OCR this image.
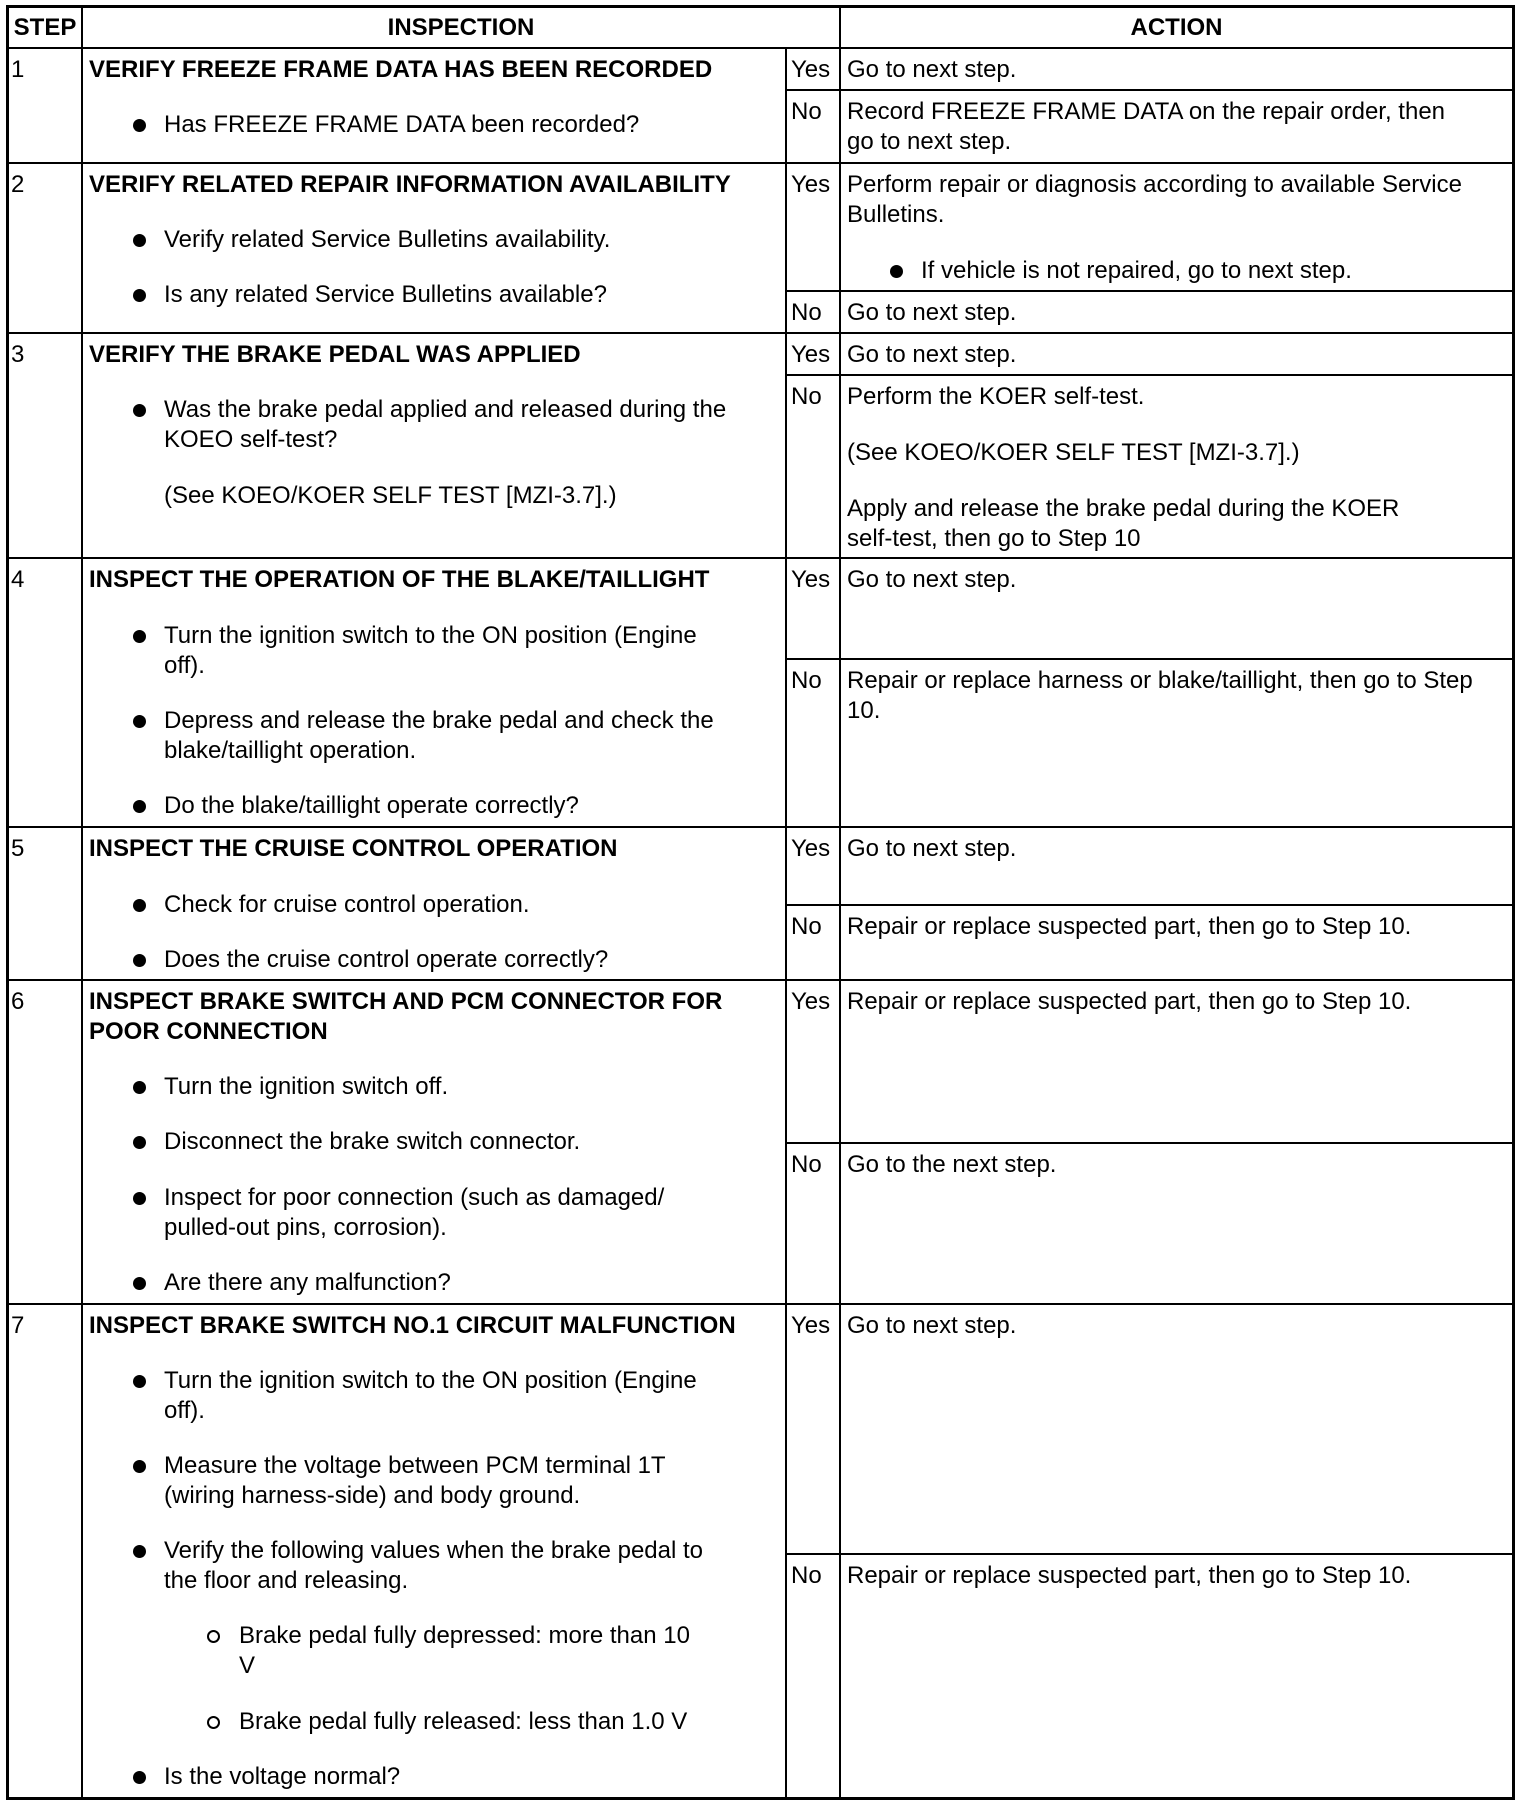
STEP	INSPECTION	ACTION
1	VERIFY FREEZE FRAME DATA HAS BEEN RECORDED
Has FREEZE FRAME DATA been recorded?
Yes Go to next step.
No Record FREEZE FRAME DATA on the repair order, then
go to next step.
2	VERIFY RELATED REPAIR INFORMATION AVAILABILITY
Verify related Service Bulletins availability.
Is any related Service Bulletins available?
Yes Perform repair or diagnosis according to available Service
Bulletins.
If vehicle is not repaired, go to next step.
No Go to next step.
3	VERIFY THE BRAKE PEDAL WAS APPLIED
Was the brake pedal applied and released during the
KOEO self-test?
(See KOEO/KOER SELF TEST [MZI-3.7].)
Yes Go to next step.
No Perform the KOER self-test.
(See KOEO/KOER SELF TEST [MZI-3.7].)
Apply and release the brake pedal during the KOER
self-test, then go to Step 10
4	INSPECT THE OPERATION OF THE BLAKE/TAILLIGHT
Turn the ignition switch to the ON position (Engine
off).
Depress and release the brake pedal and check the
blake/taillight operation.
Do the blake/taillight operate correctly?
Yes Go to next step.
No Repair or replace harness or blake/taillight, then go to Step
10.
5	INSPECT THE CRUISE CONTROL OPERATION
Check for cruise control operation.
Does the cruise control operate correctly?
Yes Go to next step.
No Repair or replace suspected part, then go to Step 10.
6	INSPECT BRAKE SWITCH AND PCM CONNECTOR FOR
POOR CONNECTION
Turn the ignition switch off.
Disconnect the brake switch connector.
Inspect for poor connection (such as damaged/
pulled-out pins, corrosion).
Are there any malfunction?
Yes Repair or replace suspected part, then go to Step 10.
No Go to the next step.
7	INSPECT BRAKE SWITCH NO.1 CIRCUIT MALFUNCTION
Turn the ignition switch to the ON position (Engine
off).
Measure the voltage between PCM terminal 1T
(wiring harness-side) and body ground.
Verify the following values when the brake pedal to
the floor and releasing.
Brake pedal fully depressed: more than 10
V
Brake pedal fully released: less than 1.0 V
Is the voltage normal?
Yes Go to next step.
No Repair or replace suspected part, then go to Step 10.
